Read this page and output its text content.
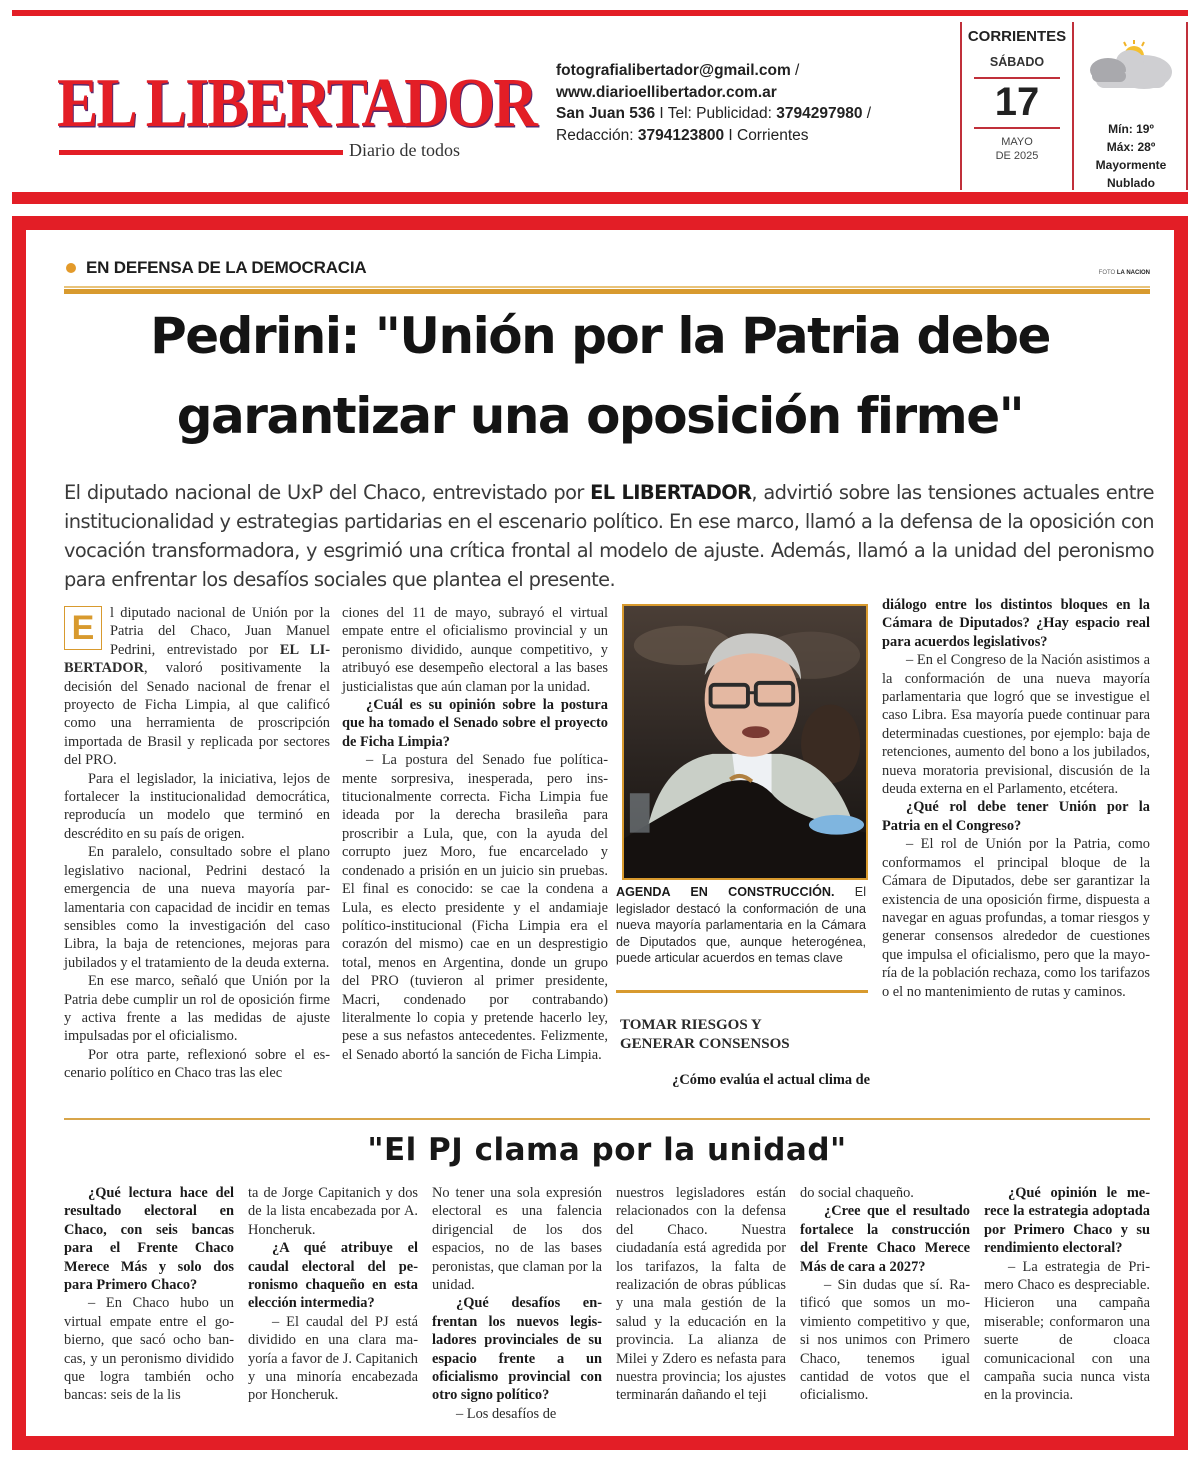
EL LIBERTADOR
Diario de todos
fotografialibertador@gmail.com /
www.diarioellibertador.com.ar
San Juan 536 I Tel: Publicidad: 3794297980 /
Redacción: 3794123800 I Corrientes
CORRIENTES
SÁBADO
17
MAYO
DE 2025
Mín: 19º
Máx: 28º
Mayormente
Nublado
EN DEFENSA DE LA DEMOCRACIA	FOTO LA NACION
Pedrini: "Unión por la Patria debe
garantizar una oposición firme"

El diputado nacional de UxP del Chaco, entrevistado por EL LIBERTADOR, advirtió sobre las tensiones actuales entre institucionalidad y estrategias partidarias en el escenario político. En ese marco, llamó a la defensa de la oposición con vocación transformadora, y esgrimió una crítica frontal al modelo de ajuste. Además, llamó a la unidad del peronismo para enfrentar los desafíos sociales que plantea el presente.

E	l diputado nacional de Unión por la Patria del Chaco, Juan Manuel Pedrini, entrevistado por EL LIBERTADOR, valoró positivamente la decisión del Senado nacional de frenar el proyecto de Ficha Limpia, al que calificó como una herramienta de proscripción importada de Brasil y replicada por sectores del PRO.

Para el legislador, la iniciativa, lejos de fortalecer la institucionalidad democrática, reproducía un modelo que terminó en descrédito en su país de origen.

En paralelo, consultado sobre el plano legislativo nacional, Pedrini destacó la emergencia de una nueva mayoría parlamentaria con capacidad de incidir en temas sensibles como la investigación del caso Libra, la baja de retenciones, mejoras para jubilados y el tratamiento de la deuda externa.

En ese marco, señaló que Unión por la Patria debe cumplir un rol de oposición firme y activa frente a las medidas de ajuste impulsadas por el oficialismo.

Por otra parte, reflexionó sobre el escenario político en Chaco tras las elec

ciones del 11 de mayo, subrayó el virtual empate entre el oficialismo provincial y un peronismo dividido, aunque competitivo, y atribuyó ese desempeño electoral a las bases justicialistas que aún claman por la unidad.

¿Cuál es su opinión sobre la postura que ha tomado el Senado sobre el proyecto de Ficha Limpia?

– La postura del Senado fue políticamente sorpresiva, inesperada, pero institucionalmente correcta. Ficha Limpia fue ideada por la derecha brasileña para proscribir a Lula, que, con la ayuda del corrupto juez Moro, fue encarcelado y condenado a prisión en un juicio sin pruebas. El final es conocido: se cae la condena a Lula, es electo presidente y el andamiaje político-institucional (Ficha Limpia era el corazón del mismo) cae en un desprestigio total, menos en Argentina, donde un grupo del PRO (tuvieron al primer presidente, Macri, condenado por contrabando) literalmente lo copia y pretende hacerlo ley, pese a sus nefastos antecedentes. Felizmente, el Senado abortó la sanción de Ficha Limpia.

AGENDA EN CONSTRUCCIÓN. El legislador destacó la conformación de una nueva mayoría parlamentaria en la Cámara de Diputados que, aunque heterogénea, puede articular acuerdos en temas clave

TOMAR RIESGOS Y
GENERAR CONSENSOS
¿Cómo evalúa el actual clima de

diálogo entre los distintos bloques en la Cámara de Diputados? ¿Hay espacio real para acuerdos legislativos?

– En el Congreso de la Nación asistimos a la conformación de una nueva mayoría parlamentaria que logró que se investigue el caso Libra. Esa mayoría puede continuar para determinadas cuestiones, por ejemplo: baja de retenciones, aumento del bono a los jubilados, nueva moratoria previsional, discusión de la deuda externa en el Parlamento, etcétera.

¿Qué rol debe tener Unión por la Patria en el Congreso?

– El rol de Unión por la Patria, como conformamos el principal bloque de la Cámara de Diputados, debe ser garantizar la existencia de una oposición firme, dispuesta a navegar en aguas profundas, a tomar riesgos y generar consensos alrededor de cuestiones que impulsa el oficialismo, pero que la mayoría de la población rechaza, como los tarifazos o el no mantenimiento de rutas y caminos.

"El PJ clama por la unidad"

¿Qué lectura hace del resultado electoral en Chaco, con seis bancas para el Frente Chaco Merece Más y solo dos para Primero Chaco?

– En Chaco hubo un virtual empate entre el gobierno, que sacó ocho bancas, y un peronismo dividido que logra también ocho bancas: seis de la lis

ta de Jorge Capitanich y dos de la lista encabezada por A. Honcheruk.

¿A qué atribuye el caudal electoral del peronismo chaqueño en esta elección intermedia?

– El caudal del PJ está dividido en una clara mayoría a favor de J. Capitanich y una minoría encabezada por Honcheruk.

No tener una sola expresión electoral es una falencia dirigencial de los dos espacios, no de las bases peronistas, que claman por la unidad.

¿Qué desafíos enfrentan los nuevos legisladores provinciales de su espacio frente a un oficialismo provincial con otro signo político?

– Los desafíos de

nuestros legisladores están relacionados con la defensa del Chaco. Nuestra ciudadanía está agredida por los tarifazos, la falta de realización de obras públicas y una mala gestión de la salud y la educación en la provincia. La alianza de Milei y Zdero es nefasta para nuestra provincia; los ajustes terminarán dañando el teji

do social chaqueño.

¿Cree que el resultado fortalece la construcción del Frente Chaco Merece Más de cara a 2027?

– Sin dudas que sí. Ratificó que somos un movimiento competitivo y que, si nos unimos con Primero Chaco, tenemos igual cantidad de votos que el oficialismo.

¿Qué opinión le merece la estrategia adoptada por Primero Chaco y su rendimiento electoral?

– La estrategia de Primero Chaco es despreciable. Hicieron una campaña miserable; conformaron una suerte de cloaca comunicacional con una campaña sucia nunca vista en la provincia.
